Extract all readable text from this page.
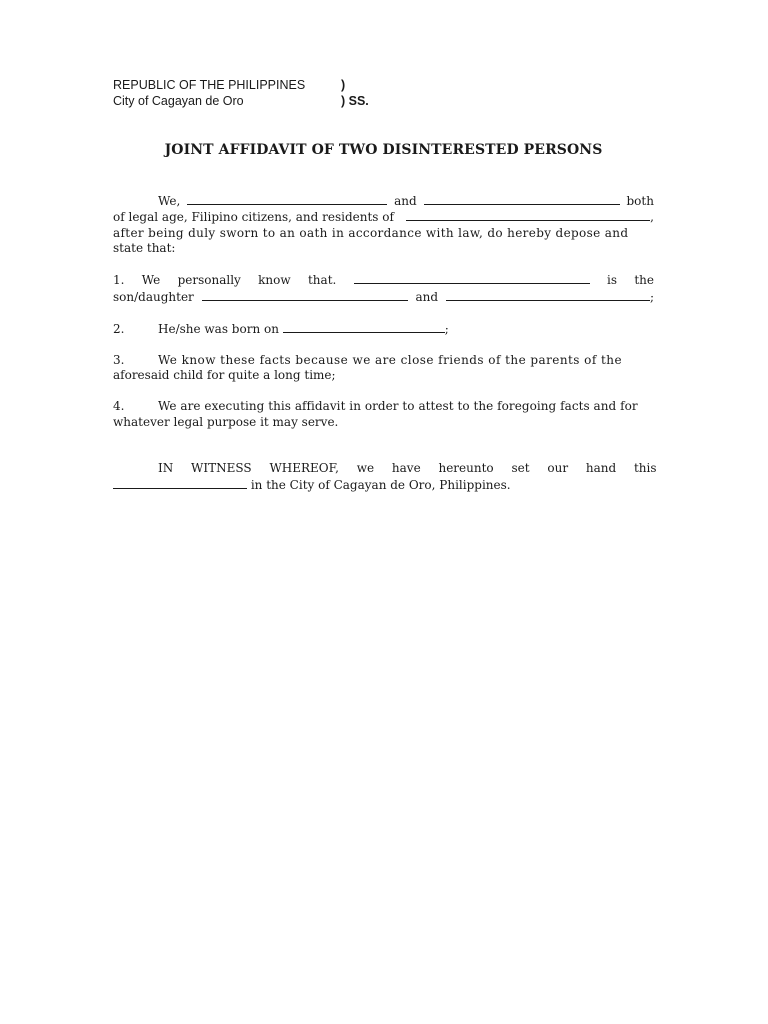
REPUBLIC OF THE PHILIPPINES	)
City of Cagayan de Oro	) SS.
JOINT AFFIDAVIT OF TWO DISINTERESTED PERSONS
We,	and	both
of legal age, Filipino citizens, and residents of	,
after being duly sworn to an oath in accordance with law, do hereby depose and
state that:
1. We personally know that.	is the
son/daughter	and	;
2.	He/she was born on	;
3.	We know these facts because we are close friends of the parents of the
aforesaid child for quite a long time;
4.	We are executing this affidavit in order to attest to the foregoing facts and for
whatever legal purpose it may serve.
IN WITNESS WHEREOF, we have hereunto set our hand this
in the City of Cagayan de Oro, Philippines.
